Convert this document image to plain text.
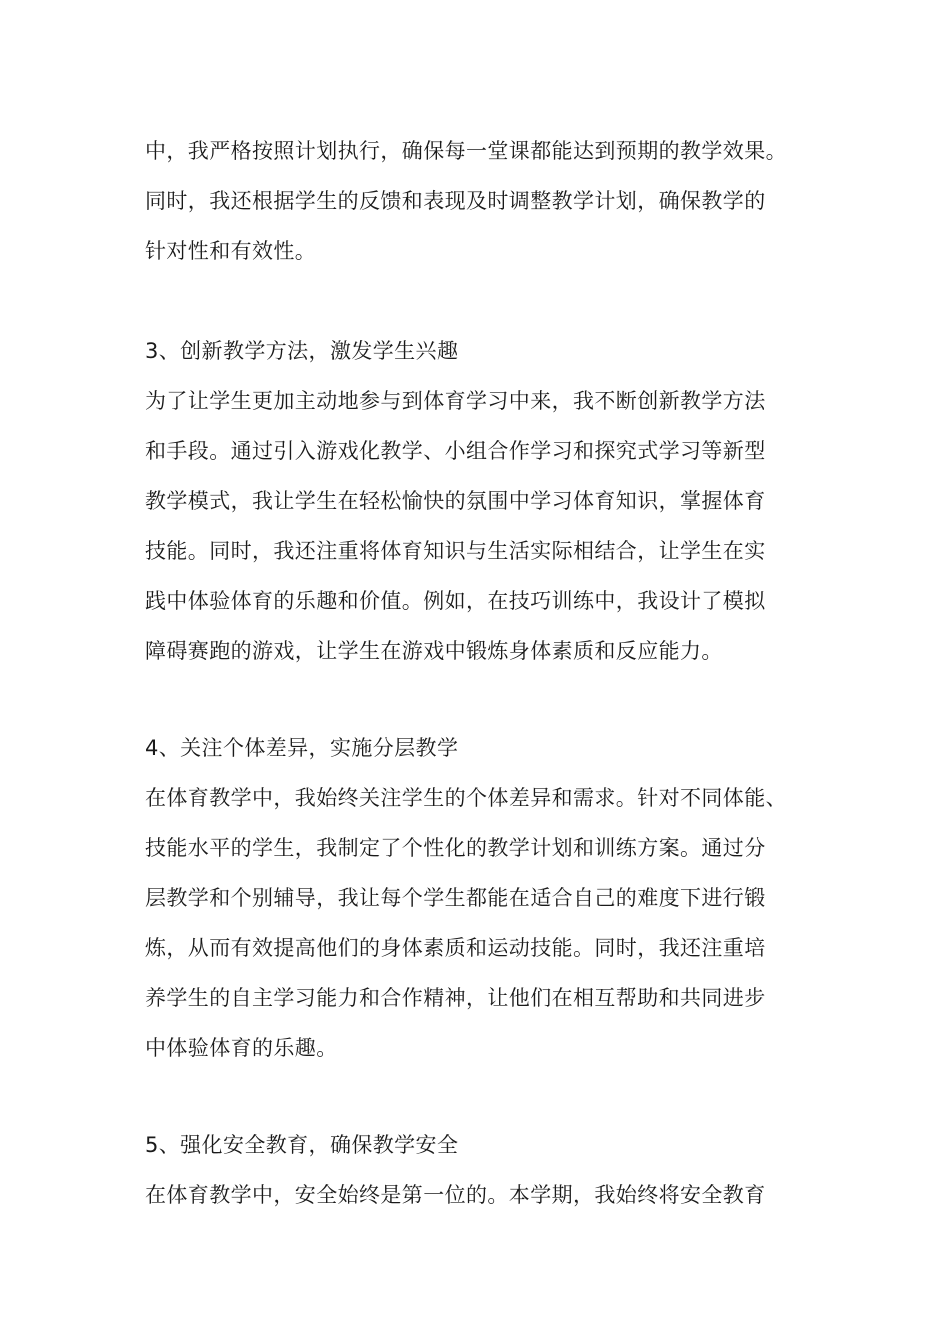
中，我严格按照计划执行，确保每一堂课都能达到预期的教学效果。

同时，我还根据学生的反馈和表现及时调整教学计划，确保教学的

针对性和有效性。

3、创新教学方法，激发学生兴趣

为了让学生更加主动地参与到体育学习中来，我不断创新教学方法

和手段。通过引入游戏化教学、小组合作学习和探究式学习等新型

教学模式，我让学生在轻松愉快的氛围中学习体育知识，掌握体育

技能。同时，我还注重将体育知识与生活实际相结合，让学生在实

践中体验体育的乐趣和价值。例如，在技巧训练中，我设计了模拟

障碍赛跑的游戏，让学生在游戏中锻炼身体素质和反应能力。

4、关注个体差异，实施分层教学

在体育教学中，我始终关注学生的个体差异和需求。针对不同体能、

技能水平的学生，我制定了个性化的教学计划和训练方案。通过分

层教学和个别辅导，我让每个学生都能在适合自己的难度下进行锻

炼，从而有效提高他们的身体素质和运动技能。同时，我还注重培

养学生的自主学习能力和合作精神，让他们在相互帮助和共同进步

中体验体育的乐趣。

5、强化安全教育，确保教学安全

在体育教学中，安全始终是第一位的。本学期，我始终将安全教育
